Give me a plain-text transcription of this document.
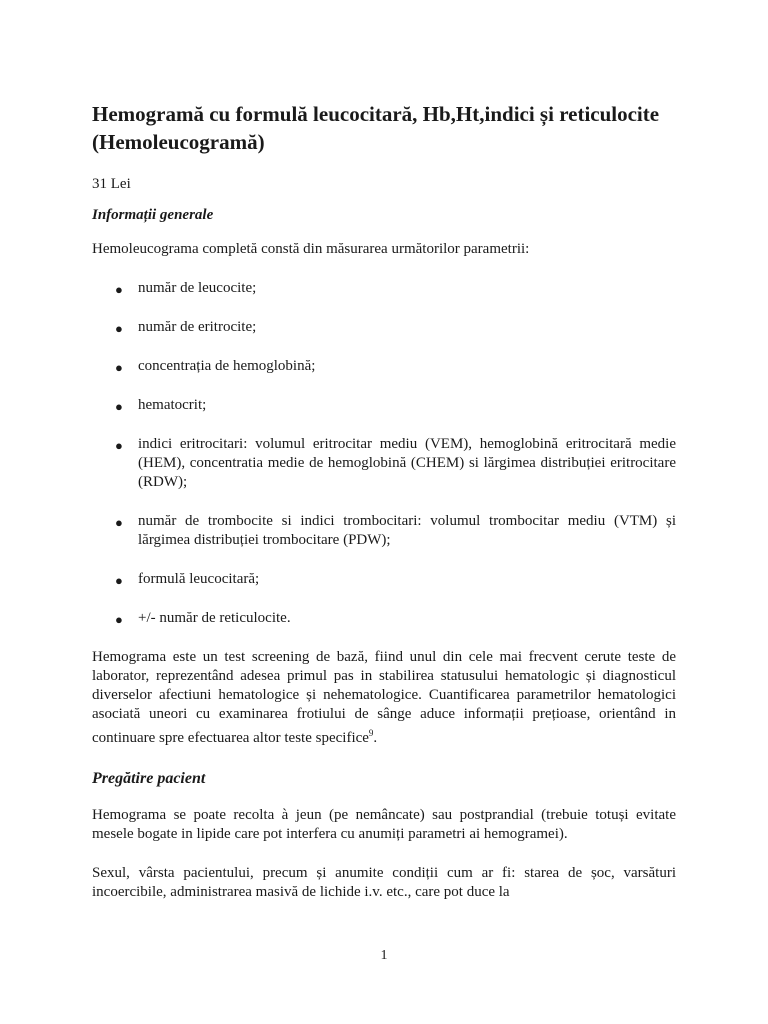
Hemogramă cu formulă leucocitară, Hb,Ht,indici și reticulocite (Hemoleucogramă)
31 Lei
Informații generale

Hemoleucograma completă constă din măsurarea următorilor parametrii:

● număr de leucocite;
● număr de eritrocite;
● concentrația de hemoglobină;
● hematocrit;
● indici eritrocitari: volumul eritrocitar mediu (VEM), hemoglobină eritrocitară medie (HEM), concentratia medie de hemoglobină (CHEM) si lărgimea distribuției eritrocitare (RDW);
● număr de trombocite si indici trombocitari: volumul trombocitar mediu (VTM) și lărgimea distribuției trombocitare (PDW);
● formulă leucocitară;
● +/- număr de reticulocite.

Hemograma este un test screening de bază, fiind unul din cele mai frecvent cerute teste de laborator, reprezentând adesea primul pas in stabilirea statusului hematologic și diagnosticul diverselor afectiuni hematologice și nehematologice. Cuantificarea parametrilor hematologici asociată uneori cu examinarea frotiului de sânge aduce informații prețioase, orientând in continuare spre efectuarea altor teste specifice$^9$.

Pregătire pacient

Hemograma se poate recolta à jeun (pe nemâncate) sau postprandial (trebuie totuși evitate mesele bogate in lipide care pot interfera cu anumiți parametri ai hemogramei).

Sexul, vârsta pacientului, precum și anumite condiții cum ar fi: starea de șoc, varsături incoercibile, administrarea masivă de lichide i.v. etc., care pot duce la

1
